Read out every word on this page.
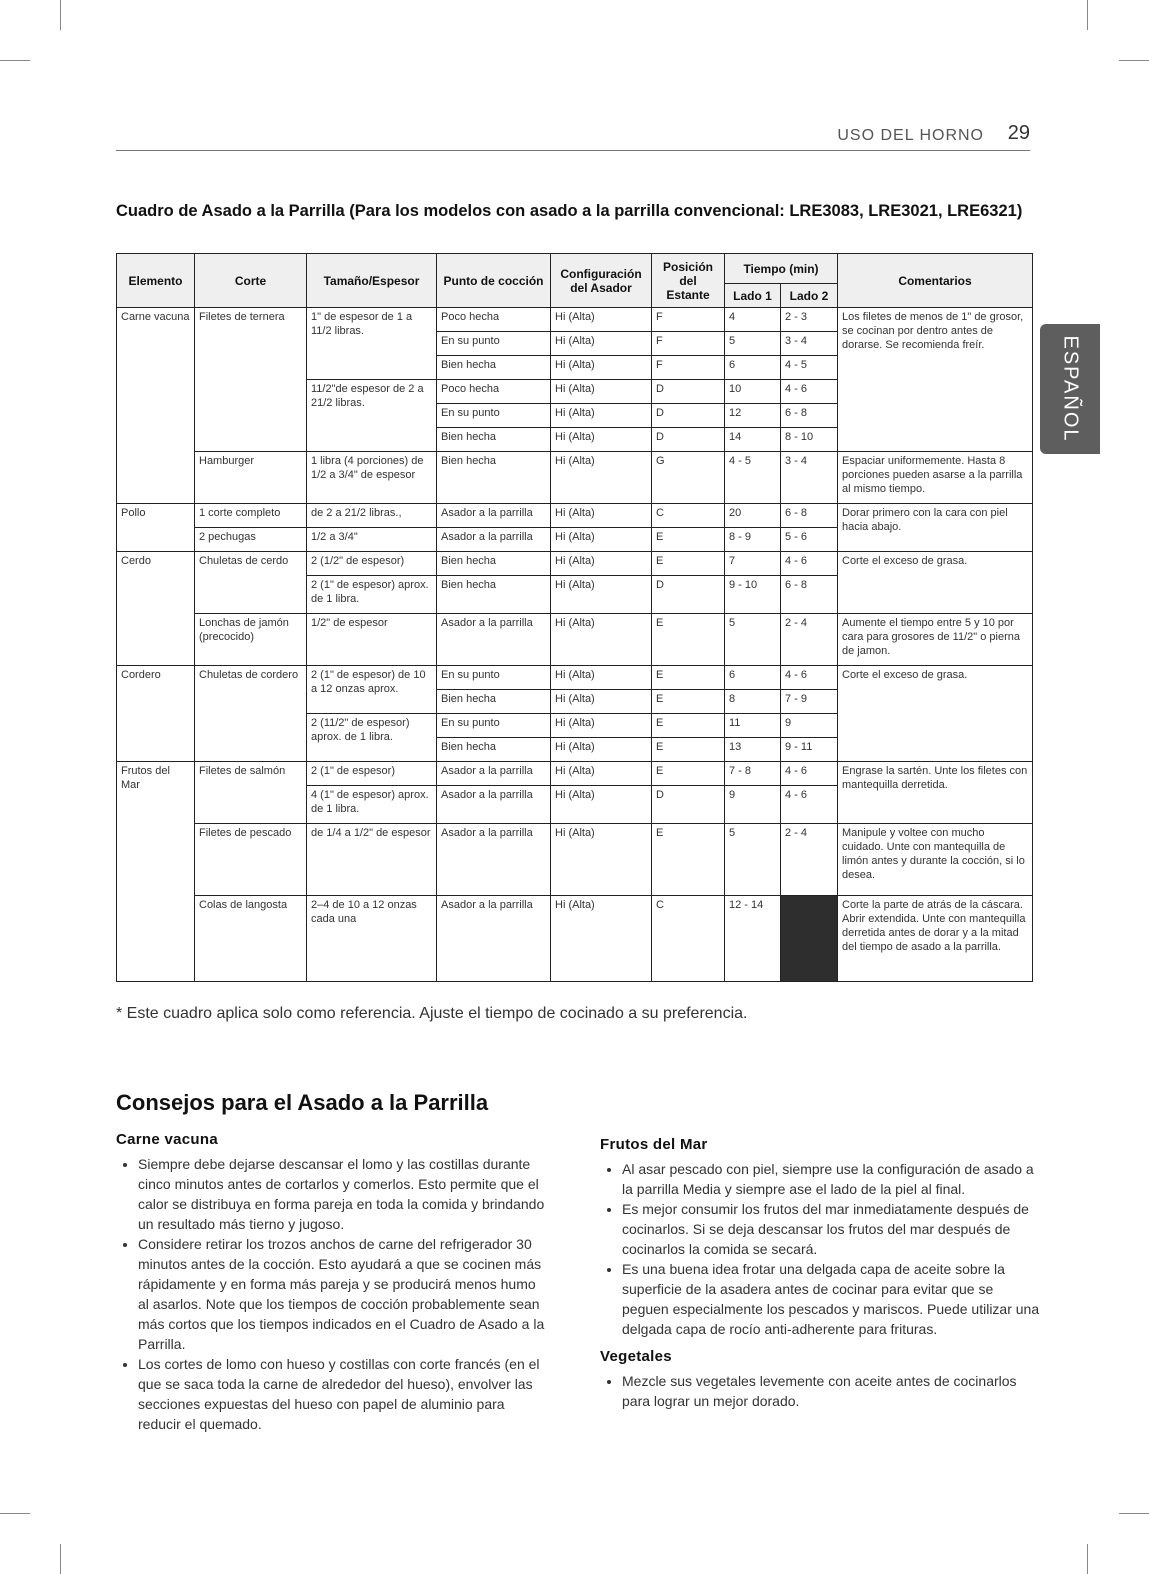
USO DEL HORNO 29
ESPAÑOL
Cuadro de Asado a la Parrilla (Para los modelos con asado a la parrilla convencional: LRE3083, LRE3021, LRE6321)
Elemento	Corte	Tamaño/Espesor	Punto de cocción	Configuración del Asador	Posición del Estante	Tiempo (min)		Comentarios
						Lado 1	Lado 2	
Carne vacuna	Filetes de ternera	1" de espesor de 1 a 11/2 libras.	Poco hecha	Hi (Alta)	F	4	2 - 3	Los filetes de menos de 1" de grosor, se cocinan por dentro antes de dorarse. Se recomienda freír.
			En su punto	Hi (Alta)	F	5	3 - 4	
			Bien hecha	Hi (Alta)	F	6	4 - 5	
		11/2"de espesor de 2 a 21/2 libras.	Poco hecha	Hi (Alta)	D	10	4 - 6	
			En su punto	Hi (Alta)	D	12	6 - 8	
			Bien hecha	Hi (Alta)	D	14	8 - 10	
	Hamburger	1 libra (4 porciones) de 1/2 a 3/4" de espesor	Bien hecha	Hi (Alta)	G	4 - 5	3 - 4	Espaciar uniformemente. Hasta 8 porciones pueden asarse a la parrilla al mismo tiempo.
Pollo	1 corte completo	de 2 a 21/2 libras.,	Asador a la parrilla	Hi (Alta)	C	20	6 - 8	Dorar primero con la cara con piel hacia abajo.
	2 pechugas	1/2 a 3/4"	Asador a la parrilla	Hi (Alta)	E	8 - 9	5 - 6	
Cerdo	Chuletas de cerdo	2 (1/2" de espesor)	Bien hecha	Hi (Alta)	E	7	4 - 6	Corte el exceso de grasa.
		2 (1" de espesor) aprox. de 1 libra.	Bien hecha	Hi (Alta)	D	9 - 10	6 - 8	
	Lonchas de jamón (precocido)	1/2" de espesor	Asador a la parrilla	Hi (Alta)	E	5	2 - 4	Aumente el tiempo entre 5 y 10 por cara para grosores de 11/2" o pierna de jamon.
Cordero	Chuletas de cordero	2 (1" de espesor) de 10 a 12 onzas aprox.	En su punto	Hi (Alta)	E	6	4 - 6	Corte el exceso de grasa.
			Bien hecha	Hi (Alta)	E	8	7 - 9	
		2 (11/2" de espesor) aprox. de 1 libra.	En su punto	Hi (Alta)	E	11	9	
			Bien hecha	Hi (Alta)	E	13	9 - 11	
Frutos del Mar	Filetes de salmón	2 (1" de espesor)	Asador a la parrilla	Hi (Alta)	E	7 - 8	4 - 6	Engrase la sartén. Unte los filetes con mantequilla derretida.
		4 (1" de espesor) aprox. de 1 libra.	Asador a la parrilla	Hi (Alta)	D	9	4 - 6	
	Filetes de pescado	de 1/4 a 1/2" de espesor	Asador a la parrilla	Hi (Alta)	E	5	2 - 4	Manipule y voltee con mucho cuidado. Unte con mantequilla de limón antes y durante la cocción, si lo desea.
	Colas de langosta	2–4 de 10 a 12 onzas cada una	Asador a la parrilla	Hi (Alta)	C	12 - 14		Corte la parte de atrás de la cáscara. Abrir extendida. Unte con mantequilla derretida antes de dorar y a la mitad del tiempo de asado a la parrilla.
* Este cuadro aplica solo como referencia. Ajuste el tiempo de cocinado a su preferencia.
Consejos para el Asado a la Parrilla
Carne vacuna
• Siempre debe dejarse descansar el lomo y las costillas durante cinco minutos antes de cortarlos y comerlos. Esto permite que el calor se distribuya en forma pareja en toda la comida y brindando un resultado más tierno y jugoso.
• Considere retirar los trozos anchos de carne del refrigerador 30 minutos antes de la cocción. Esto ayudará a que se cocinen más rápidamente y en forma más pareja y se producirá menos humo al asarlos. Note que los tiempos de cocción probablemente sean más cortos que los tiempos indicados en el Cuadro de Asado a la Parrilla.
• Los cortes de lomo con hueso y costillas con corte francés (en el que se saca toda la carne de alrededor del hueso), envolver las secciones expuestas del hueso con papel de aluminio para reducir el quemado.
Frutos del Mar
• Al asar pescado con piel, siempre use la configuración de asado a la parrilla Media y siempre ase el lado de la piel al final.
• Es mejor consumir los frutos del mar inmediatamente después de cocinarlos. Si se deja descansar los frutos del mar después de cocinarlos la comida se secará.
• Es una buena idea frotar una delgada capa de aceite sobre la superficie de la asadera antes de cocinar para evitar que se peguen especialmente los pescados y mariscos. Puede utilizar una delgada capa de rocío anti-adherente para frituras.
Vegetales
• Mezcle sus vegetales levemente con aceite antes de cocinarlos para lograr un mejor dorado.
